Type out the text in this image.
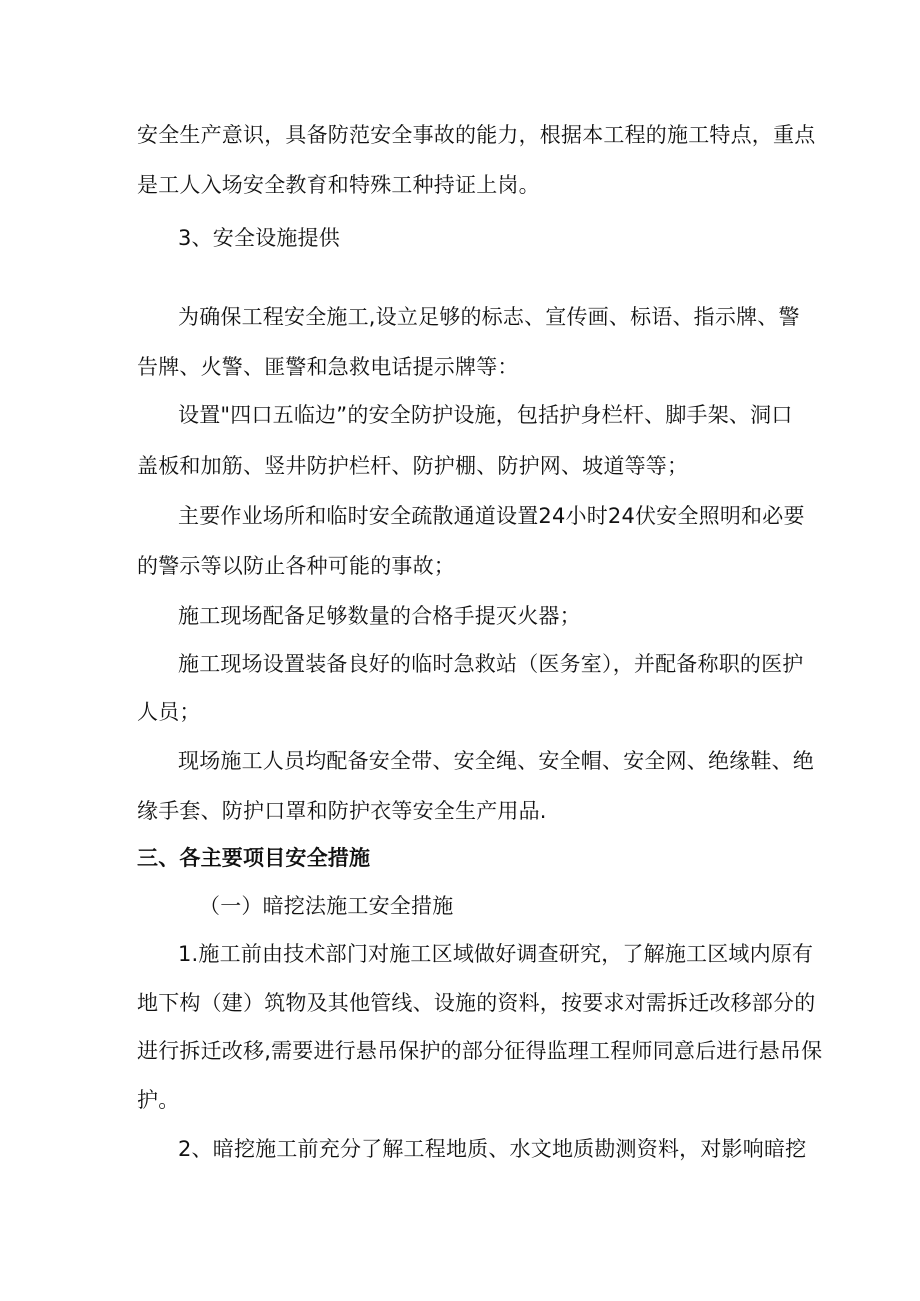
安全生产意识，具备防范安全事故的能力，根据本工程的施工特点，重点
是工人入场安全教育和特殊工种持证上岗。
3、安全设施提供
为确保工程安全施工,设立足够的标志、宣传画、标语、指示牌、警
告牌、火警、匪警和急救电话提示牌等：
设置"四口五临边”的安全防护设施，包括护身栏杆、脚手架、洞口
盖板和加筋、竖井防护栏杆、防护棚、防护网、坡道等等；
主要作业场所和临时安全疏散通道设置24小时24伏安全照明和必要
的警示等以防止各种可能的事故；
施工现场配备足够数量的合格手提灭火器；
施工现场设置装备良好的临时急救站（医务室），并配备称职的医护
人员；
现场施工人员均配备安全带、安全绳、安全帽、安全网、绝缘鞋、绝
缘手套、防护口罩和防护衣等安全生产用品.
三、各主要项目安全措施
（一）暗挖法施工安全措施
1.施工前由技术部门对施工区域做好调查研究，了解施工区域内原有
地下构（建）筑物及其他管线、设施的资料，按要求对需拆迁改移部分的
进行拆迁改移,需要进行悬吊保护的部分征得监理工程师同意后进行悬吊保
护。
2、暗挖施工前充分了解工程地质、水文地质勘测资料，对影响暗挖
